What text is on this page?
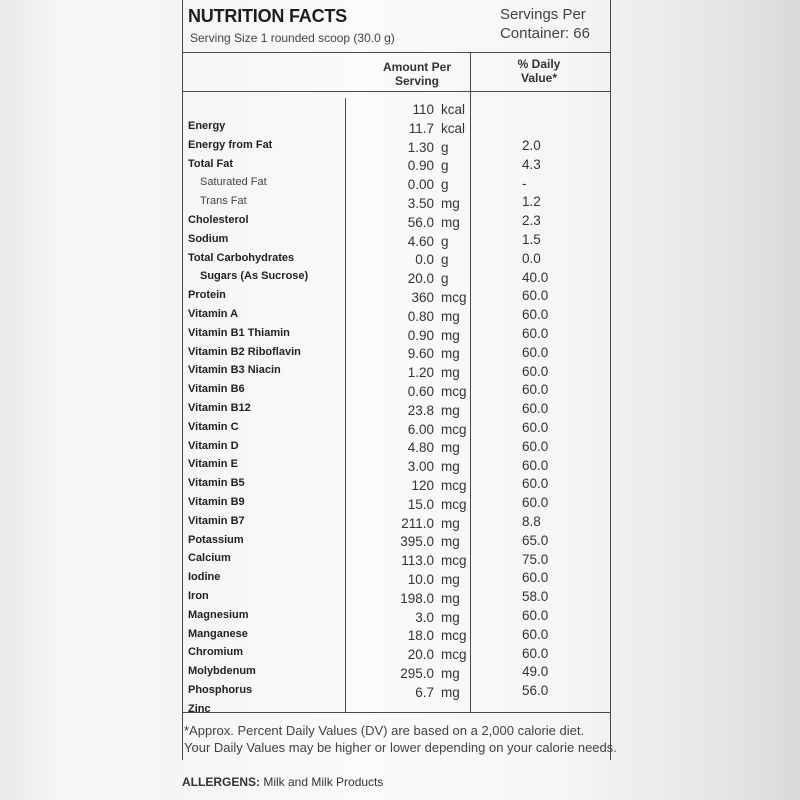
NUTRITION FACTS
Serving Size 1 rounded scoop (30.0 g)
Servings Per
Container: 66
Amount Per
Serving
% Daily
Value*
Energy
Energy from Fat
Total Fat
Saturated Fat
Trans Fat
Cholesterol
Sodium
Total Carbohydrates
Sugars (As Sucrose)
Protein
Vitamin A
Vitamin B1 Thiamin
Vitamin B2 Riboflavin
Vitamin B3 Niacin
Vitamin B6
Vitamin B12
Vitamin C
Vitamin D
Vitamin E
Vitamin B5
Vitamin B9
Vitamin B7
Potassium
Calcium
Iodine
Iron
Magnesium
Manganese
Chromium
Molybdenum
Phosphorus
Zinc
110 kcal
11.7 kcal
1.30 g
0.90 g
0.00 g
3.50 mg
56.0 mg
4.60 g
0.0 g
20.0 g
360 mcg
0.80 mg
0.90 mg
9.60 mg
1.20 mg
0.60 mcg
23.8 mg
6.00 mcg
4.80 mg
3.00 mg
120 mcg
15.0 mcg
211.0 mg
395.0 mg
113.0 mcg
10.0 mg
198.0 mg
3.0 mg
18.0 mcg
20.0 mcg
295.0 mg
6.7 mg
2.0
4.3
-
1.2
2.3
1.5
0.0
40.0
60.0
60.0
60.0
60.0
60.0
60.0
60.0
60.0
60.0
60.0
60.0
60.0
8.8
65.0
75.0
60.0
58.0
60.0
60.0
60.0
49.0
56.0
*Approx. Percent Daily Values (DV) are based on a 2,000 calorie diet.
Your Daily Values may be higher or lower depending on your calorie needs.
ALLERGENS: Milk and Milk Products
